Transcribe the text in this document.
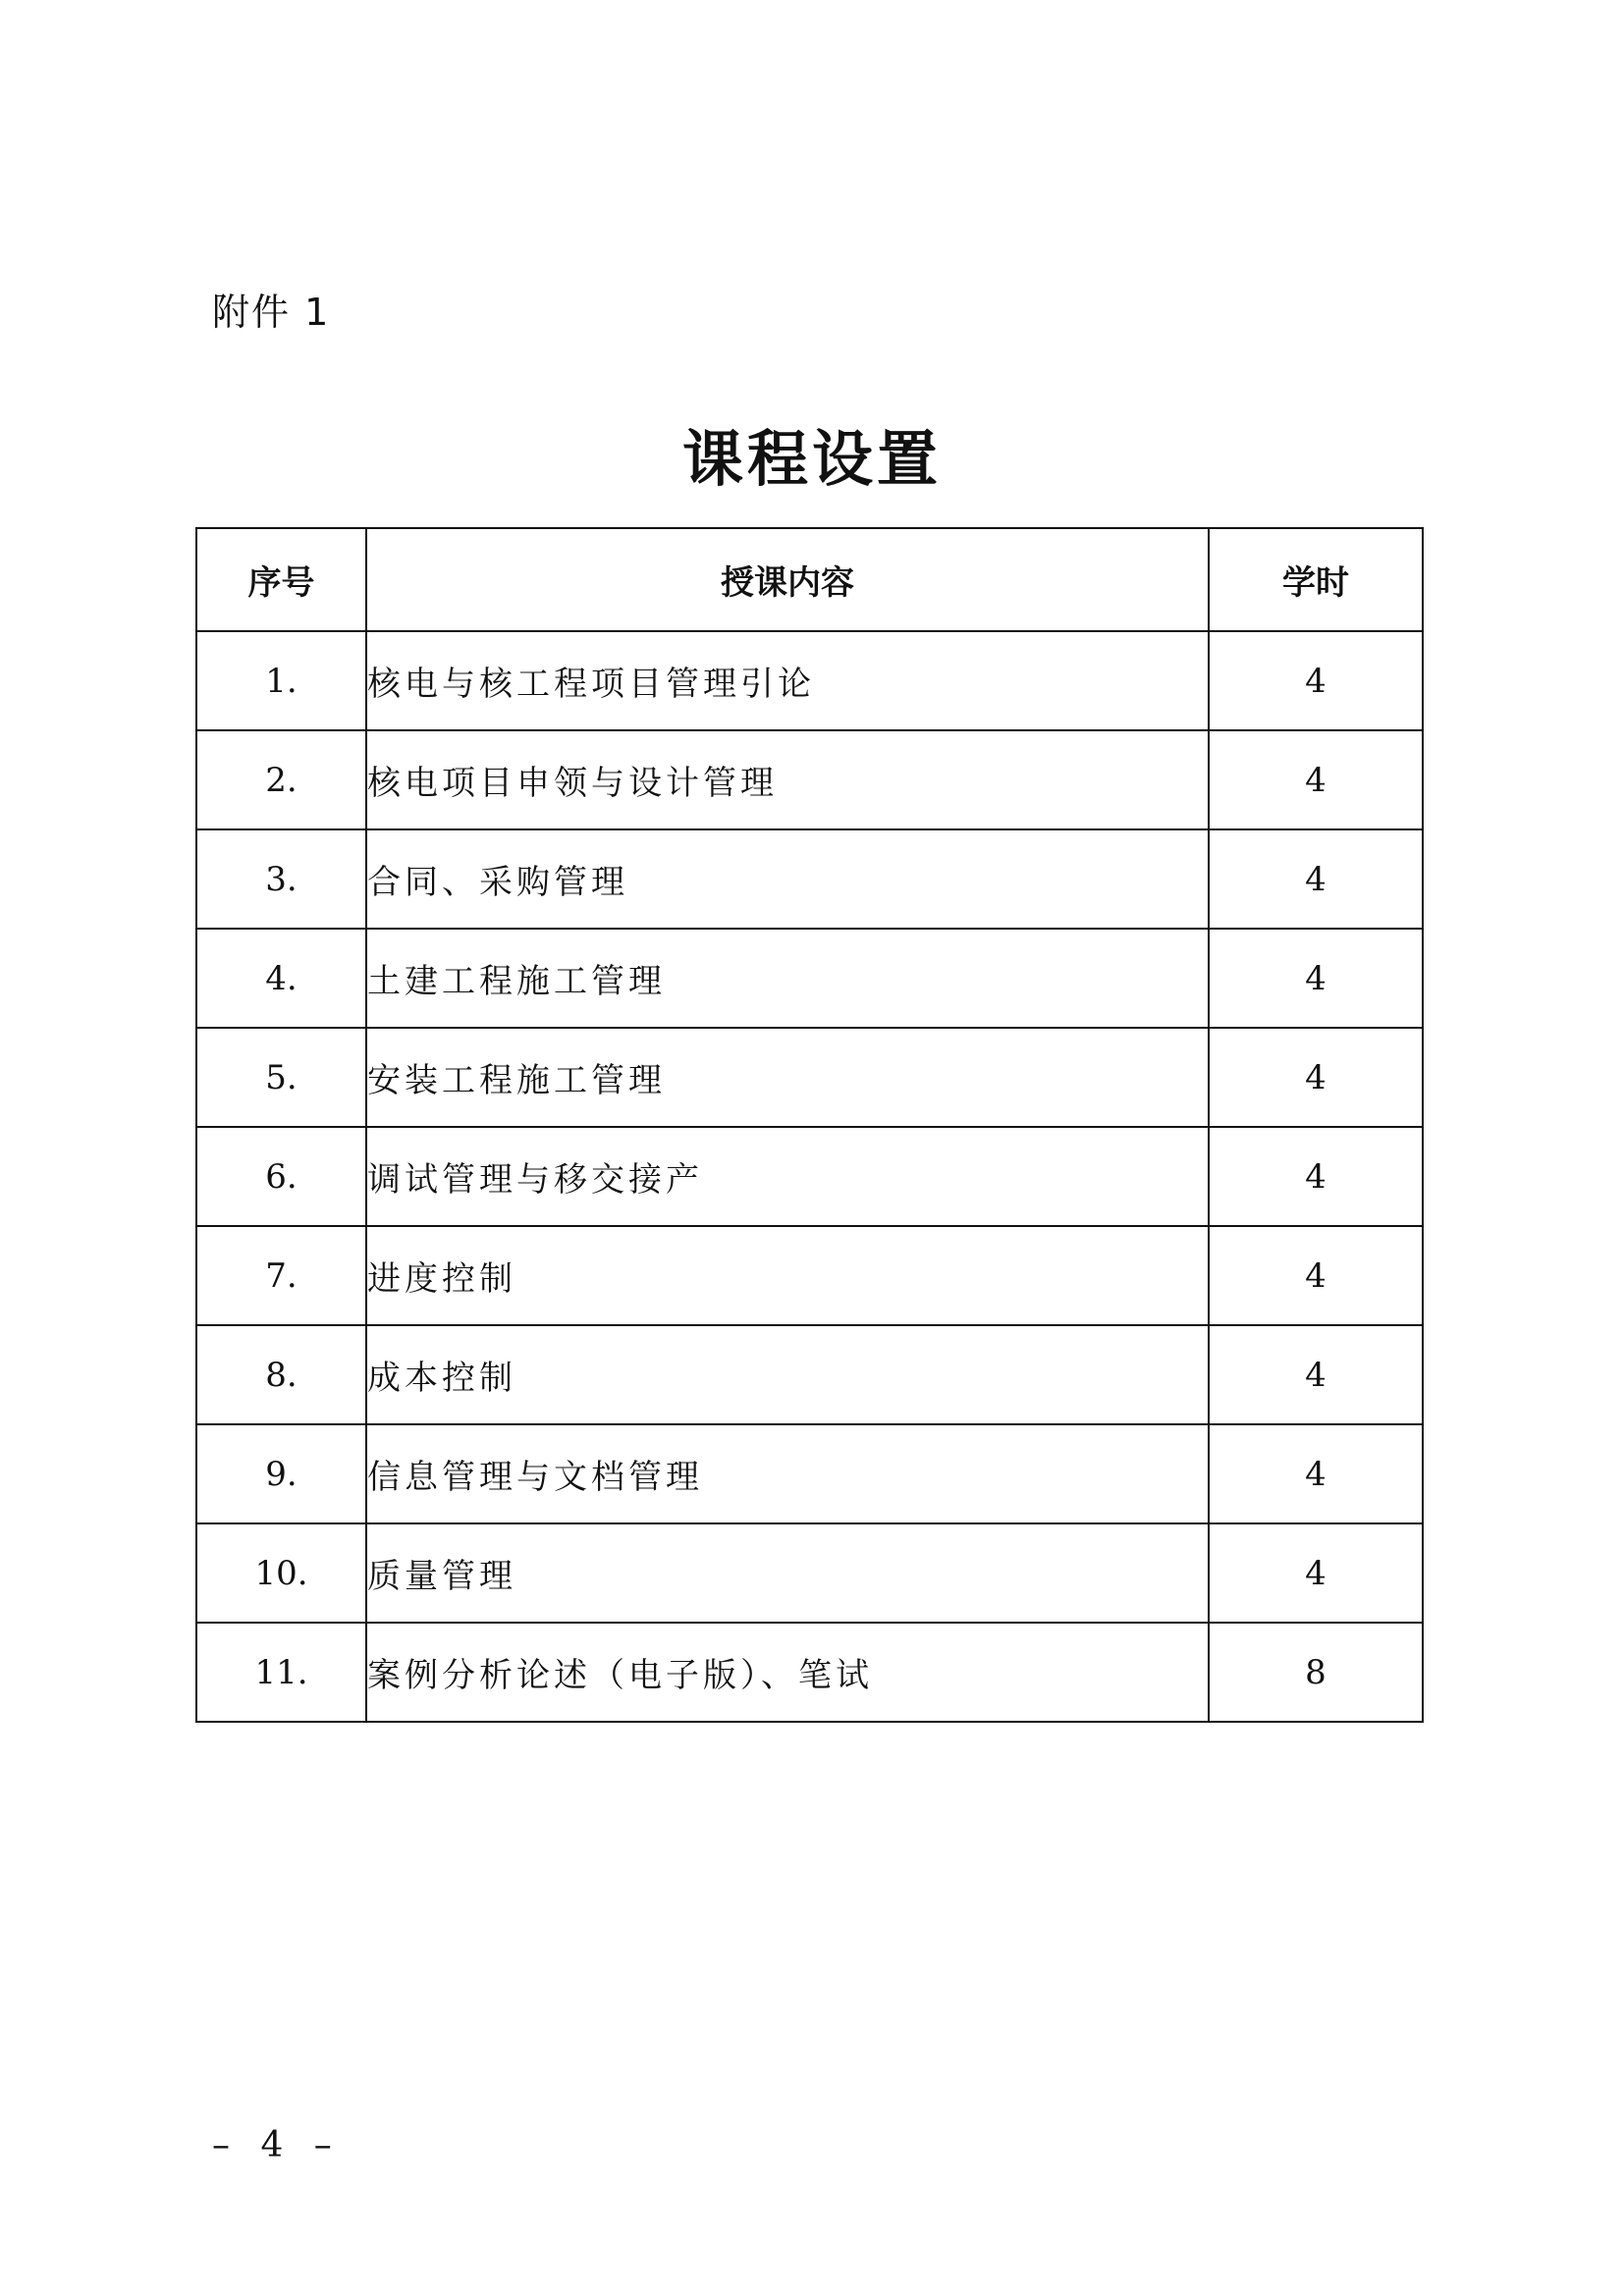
附件 1
课程设置
序号	授课内容	学时
1.	核电与核工程项目管理引论	4
2.	核电项目申领与设计管理	4
3.	合同、采购管理	4
4.	土建工程施工管理	4
5.	安装工程施工管理	4
6.	调试管理与移交接产	4
7.	进度控制	4
8.	成本控制	4
9.	信息管理与文档管理	4
10.	质量管理	4
11.	案例分析论述（电子版）、笔试	8
– 4 –
